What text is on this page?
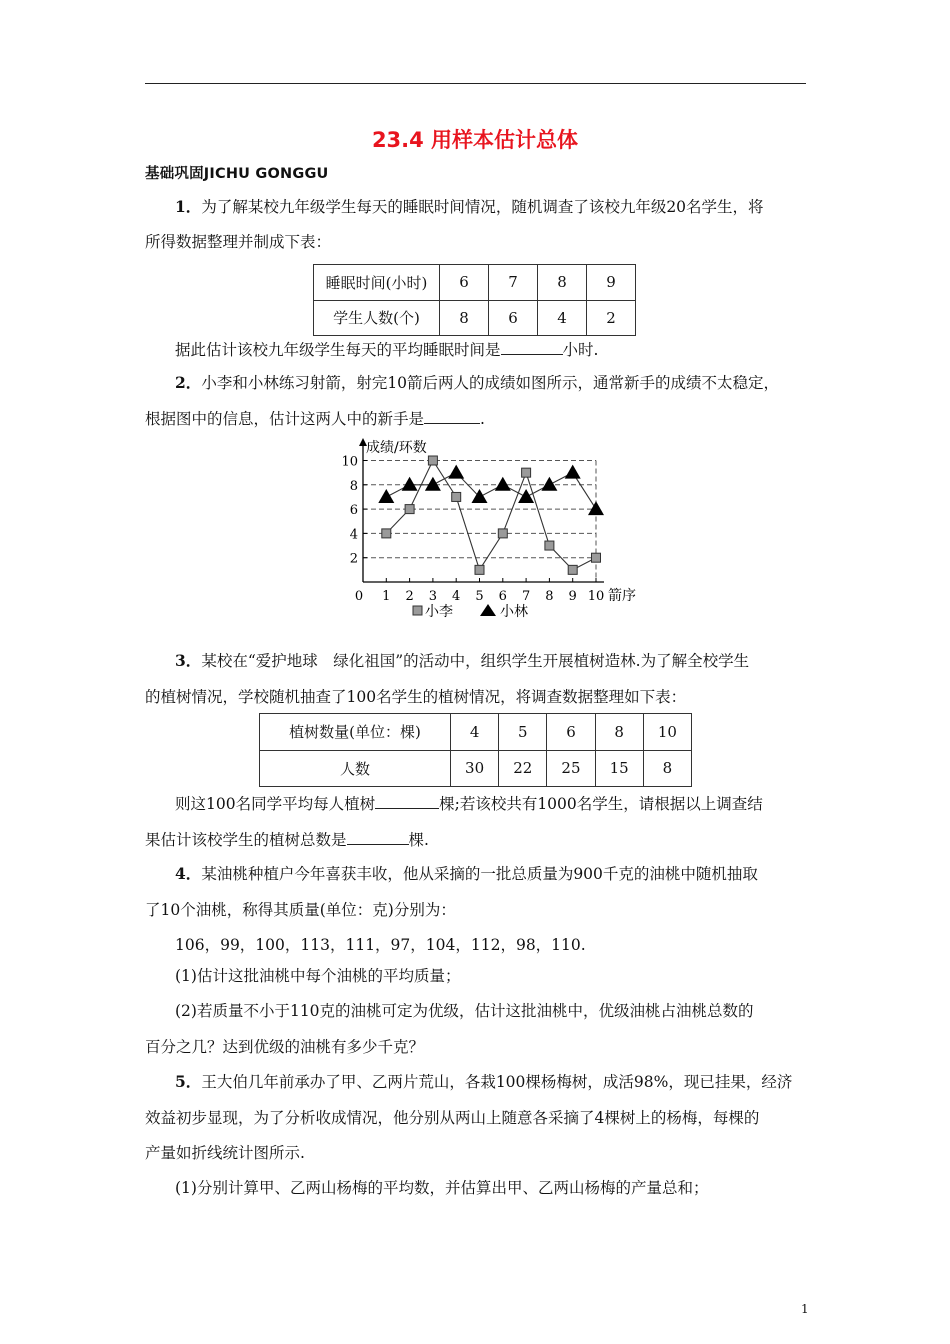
23.4 用样本估计总体
基础巩固JICHU GONGGU
1．为了解某校九年级学生每天的睡眠时间情况，随机调查了该校九年级20名学生，将
所得数据整理并制成下表：
睡眠时间(小时)	6	7	8	9
学生人数(个)	8	6	4	2
据此估计该校九年级学生每天的平均睡眠时间是	小时.
2．小李和小林练习射箭，射完10箭后两人的成绩如图所示，通常新手的成绩不太稳定，
根据图中的信息，估计这两人中的新手是	.
0 1 2 3 4 5 6 7 8 9 10
2
4
6
8
10
成绩/环数
箭序
小李	小林
3．某校在“爱护地球　绿化祖国”的活动中，组织学生开展植树造林.为了解全校学生
的植树情况，学校随机抽查了100名学生的植树情况，将调查数据整理如下表：
植树数量(单位：棵)	4	5	6	8	10
人数	30	22	25	15	8
则这100名同学平均每人植树	棵;若该校共有1000名学生，请根据以上调查结
果估计该校学生的植树总数是	棵.
4．某油桃种植户今年喜获丰收，他从采摘的一批总质量为900千克的油桃中随机抽取
了10个油桃，称得其质量(单位：克)分别为：
106，99，100，113，111，97，104，112，98，110.
(1)估计这批油桃中每个油桃的平均质量；
(2)若质量不小于110克的油桃可定为优级，估计这批油桃中，优级油桃占油桃总数的
百分之几？达到优级的油桃有多少千克？
5．王大伯几年前承办了甲、乙两片荒山，各栽100棵杨梅树，成活98%，现已挂果，经济
效益初步显现，为了分析收成情况，他分别从两山上随意各采摘了4棵树上的杨梅，每棵的
产量如折线统计图所示.
(1)分别计算甲、乙两山杨梅的平均数，并估算出甲、乙两山杨梅的产量总和；
1
